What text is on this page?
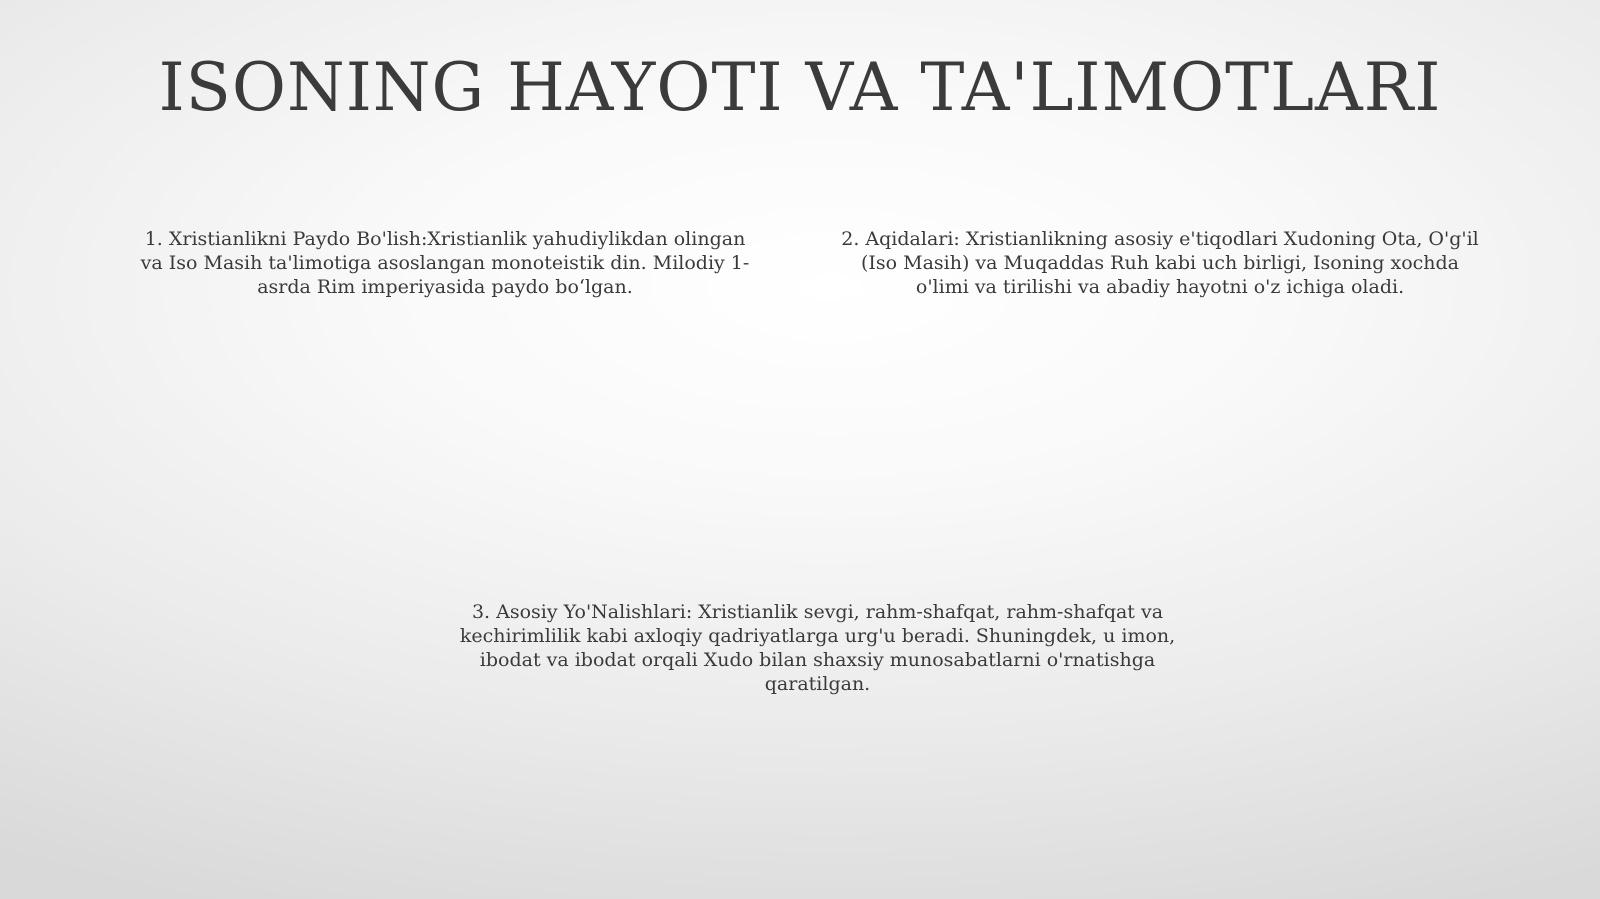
ISONING HAYOTI VA TA'LIMOTLARI

1. Xristianlikni Paydo Bo'lish:Xristianlik yahudiylikdan olingan va Iso Masih ta'limotiga asoslangan monoteistik din. Milodiy 1-asrda Rim imperiyasida paydo bo‘lgan.

2. Aqidalari: Xristianlikning asosiy e'tiqodlari Xudoning Ota, O'g'il (Iso Masih) va Muqaddas Ruh kabi uch birligi, Isoning xochda o'limi va tirilishi va abadiy hayotni o'z ichiga oladi.

3. Asosiy Yo'Nalishlari: Xristianlik sevgi, rahm-shafqat, rahm-shafqat va kechirimlilik kabi axloqiy qadriyatlarga urg'u beradi. Shuningdek, u imon, ibodat va ibodat orqali Xudo bilan shaxsiy munosabatlarni o'rnatishga qaratilgan.
